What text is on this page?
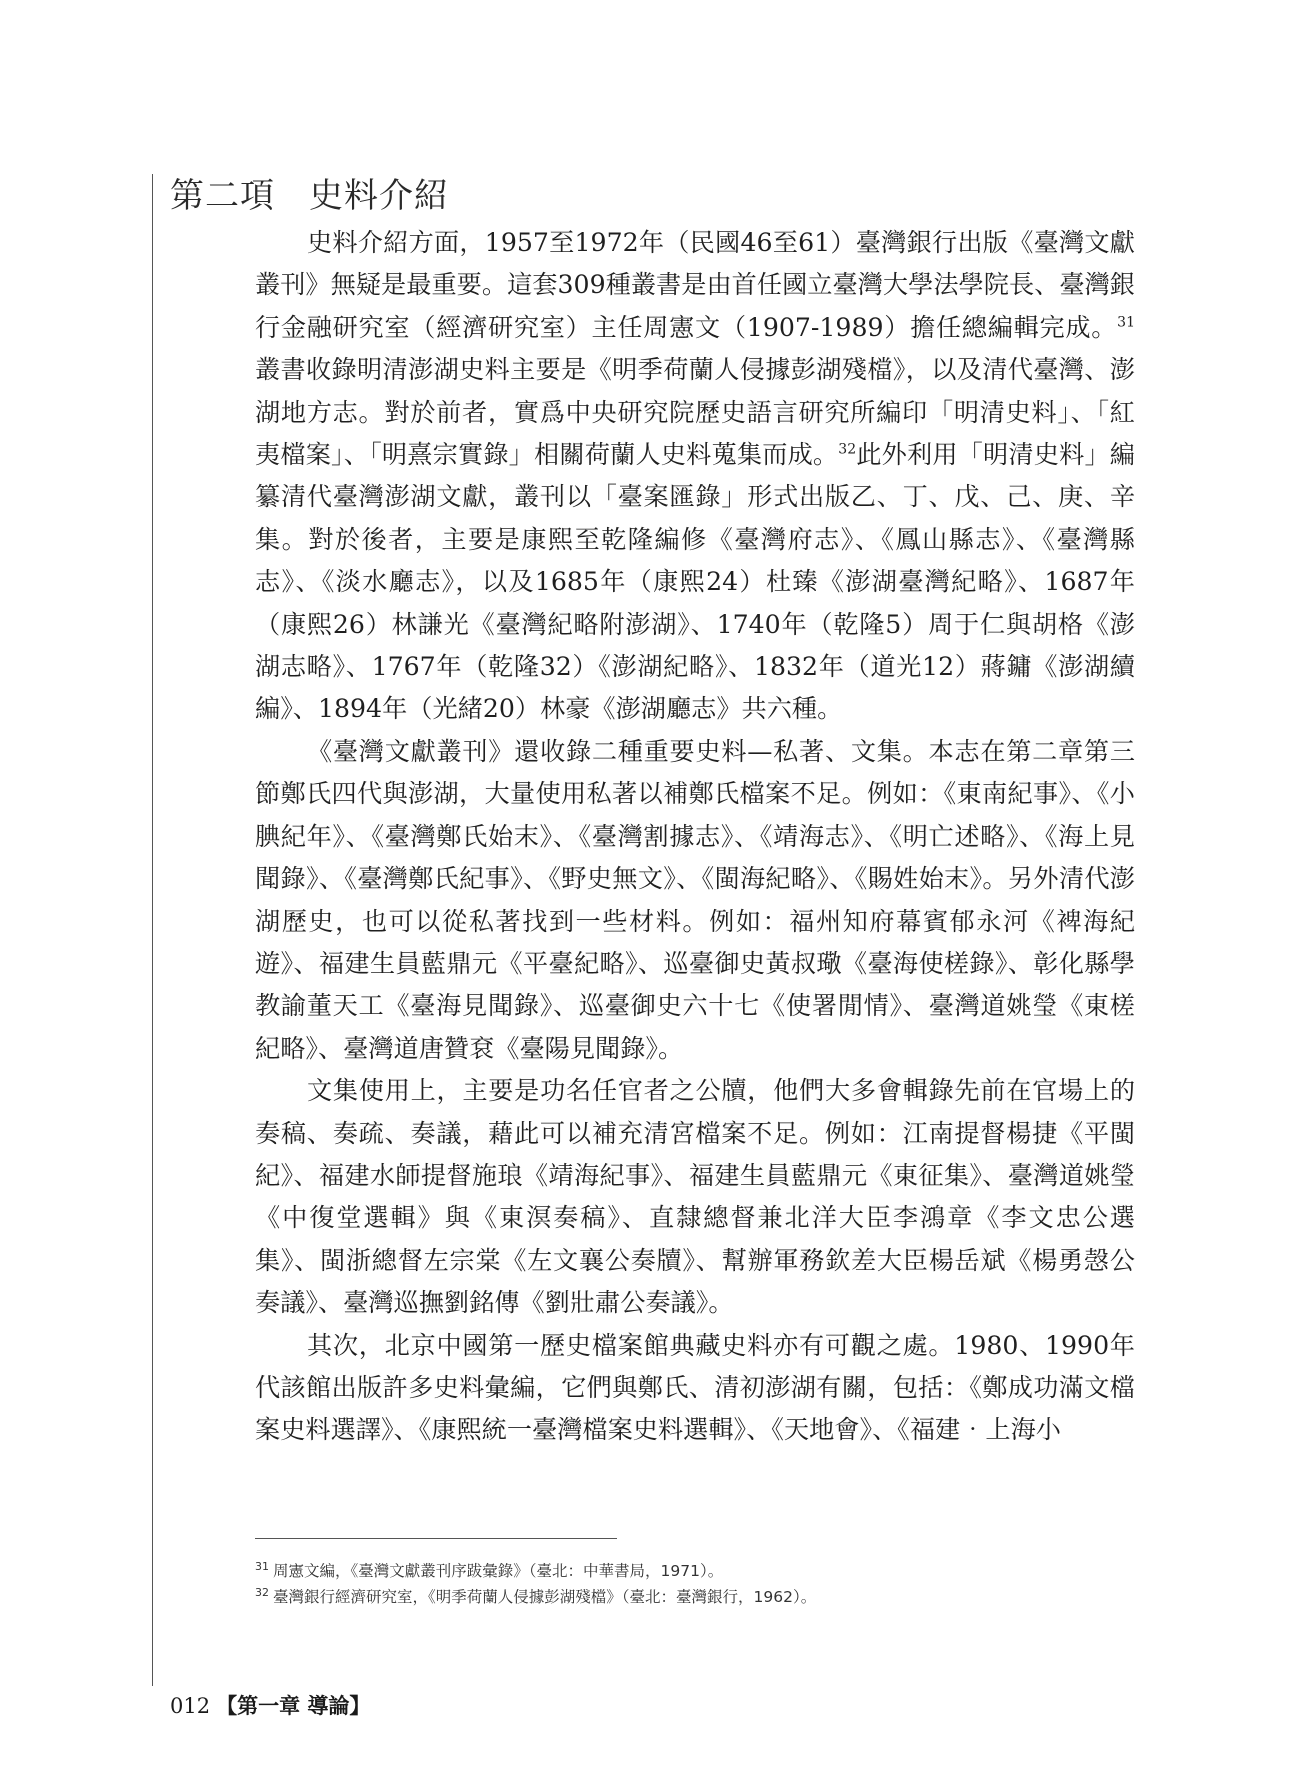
第二項 史料介紹

史料介紹方面，1957至1972年（民國46至61）臺灣銀行出版《臺灣文獻叢刊》無疑是最重要。這套309種叢書是由首任國立臺灣大學法學院長、臺灣銀行金融研究室（經濟研究室）主任周憲文（1907-1989）擔任總編輯完成。$^{31}$叢書收錄明清澎湖史料主要是《明季荷蘭人侵據彭湖殘檔》，以及清代臺灣、澎湖地方志。對於前者，實爲中央研究院歷史語言研究所編印「明清史料」、「紅夷檔案」、「明熹宗實錄」相關荷蘭人史料蒐集而成。$^{32}$此外利用「明清史料」編纂清代臺灣澎湖文獻，叢刊以「臺案匯錄」形式出版乙、丁、戊、己、庚、辛集。對於後者，主要是康熙至乾隆編修《臺灣府志》、《鳳山縣志》、《臺灣縣志》、《淡水廳志》，以及1685年（康熙24）杜臻《澎湖臺灣紀略》、1687年（康熙26）林謙光《臺灣紀略附澎湖》、1740年（乾隆5）周于仁與胡格《澎湖志略》、1767年（乾隆32）《澎湖紀略》、1832年（道光12）蔣鏞《澎湖續編》、1894年（光緒20）林豪《澎湖廳志》共六種。

《臺灣文獻叢刊》還收錄二種重要史料—私著、文集。本志在第二章第三節鄭氏四代與澎湖，大量使用私著以補鄭氏檔案不足。例如：《東南紀事》、《小腆紀年》、《臺灣鄭氏始末》、《臺灣割據志》、《靖海志》、《明亡述略》、《海上見聞錄》、《臺灣鄭氏紀事》、《野史無文》、《閩海紀略》、《賜姓始末》。另外清代澎湖歷史，也可以從私著找到一些材料。例如：福州知府幕賓郁永河《裨海紀遊》、福建生員藍鼎元《平臺紀略》、巡臺御史黃叔璥《臺海使槎錄》、彰化縣學教諭董天工《臺海見聞錄》、巡臺御史六十七《使署閒情》、臺灣道姚瑩《東槎紀略》、臺灣道唐贊袞《臺陽見聞錄》。

文集使用上，主要是功名任官者之公牘，他們大多會輯錄先前在官場上的奏稿、奏疏、奏議，藉此可以補充清宮檔案不足。例如：江南提督楊捷《平閩紀》、福建水師提督施琅《靖海紀事》、福建生員藍鼎元《東征集》、臺灣道姚瑩《中復堂選輯》與《東溟奏稿》、直隸總督兼北洋大臣李鴻章《李文忠公選集》、閩浙總督左宗棠《左文襄公奏牘》、幫辦軍務欽差大臣楊岳斌《楊勇愨公奏議》、臺灣巡撫劉銘傳《劉壯肅公奏議》。

其次，北京中國第一歷史檔案館典藏史料亦有可觀之處。1980、1990年代該館出版許多史料彙編，它們與鄭氏、清初澎湖有關，包括：《鄭成功滿文檔案史料選譯》、《康熙統一臺灣檔案史料選輯》、《天地會》、《福建‧上海小

$^{31}$ 周憲文編，《臺灣文獻叢刊序跋彙錄》（臺北：中華書局，1971）。

$^{32}$ 臺灣銀行經濟研究室，《明季荷蘭人侵據彭湖殘檔》（臺北：臺灣銀行，1962）。

012 【第一章 導論】
